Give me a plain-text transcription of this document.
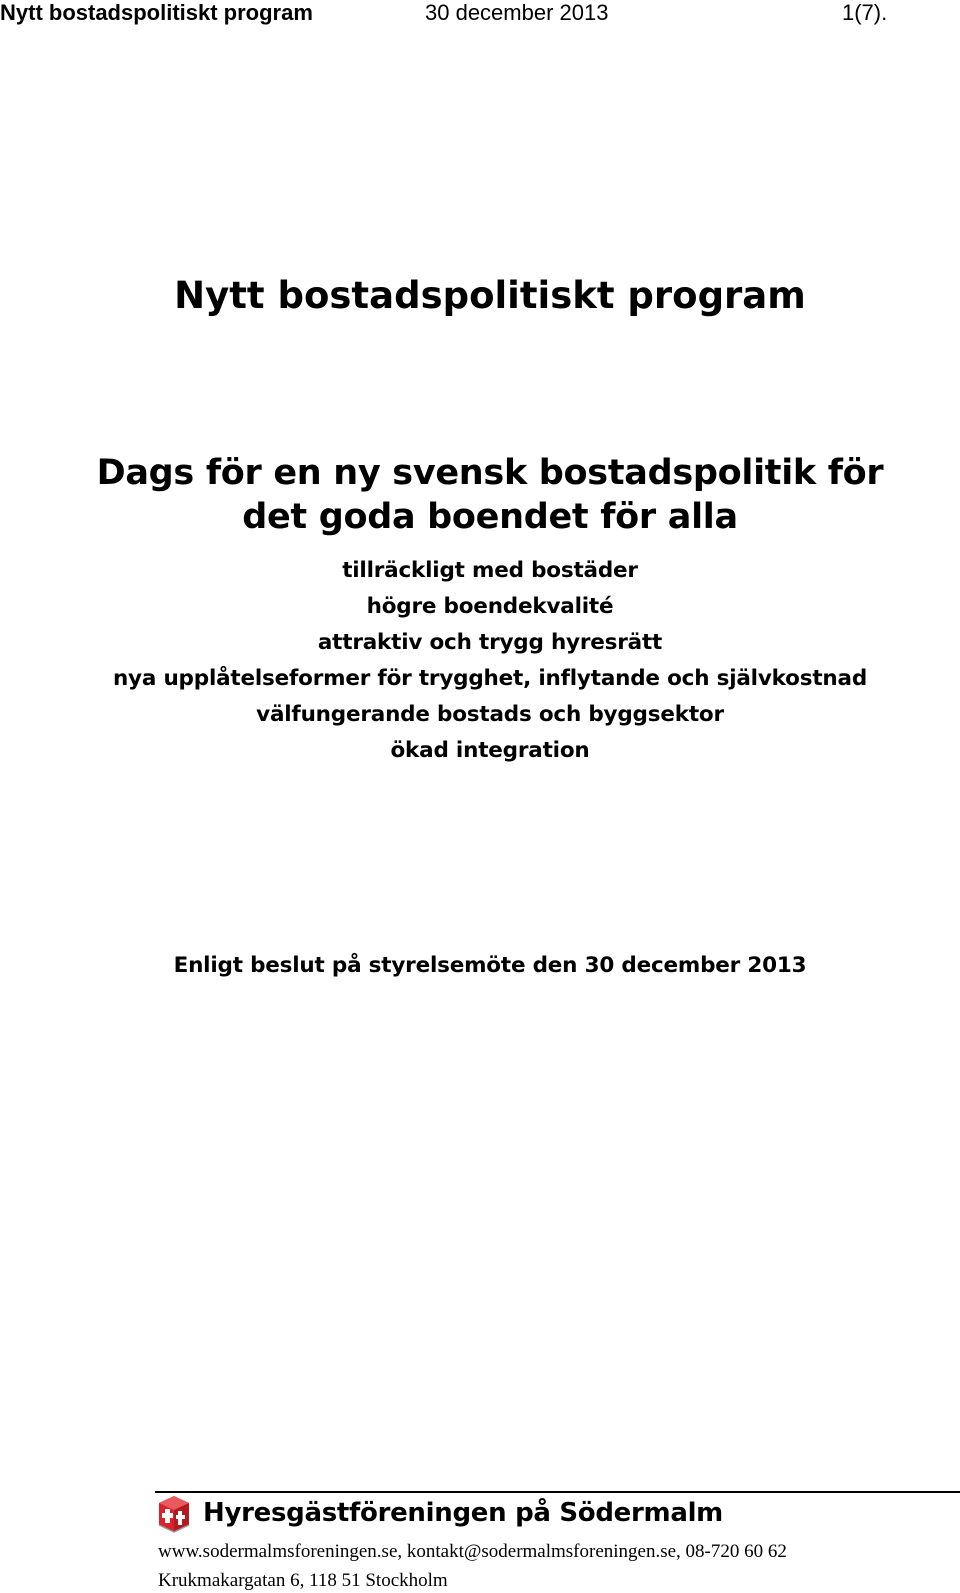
Nytt bostadspolitiskt program	30 december 2013	1(7).
Nytt bostadspolitiskt program
Dags för en ny svensk bostadspolitik för
det goda boendet för alla
tillräckligt med bostäder
högre boendekvalité
attraktiv och trygg hyresrätt
nya upplåtelseformer för trygghet, inflytande och självkostnad
välfungerande bostads och byggsektor
ökad integration
Enligt beslut på styrelsemöte den 30 december 2013
Hyresgästföreningen på Södermalm
www.sodermalmsforeningen.se, kontakt@sodermalmsforeningen.se, 08-720 60 62
Krukmakargatan 6, 118 51 Stockholm
